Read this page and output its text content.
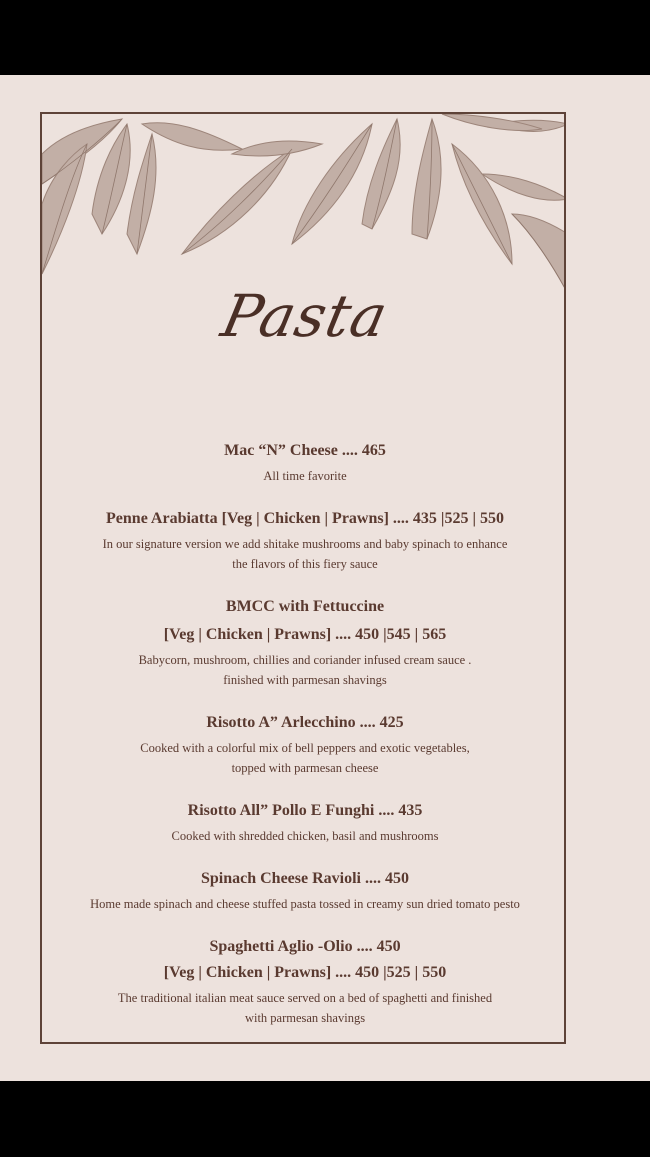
Pasta
Mac “N” Cheese .... 465
All time favorite
Penne Arabiatta [Veg | Chicken | Prawns] .... 435 |525 | 550
In our signature version we add shitake mushrooms and baby spinach to enhance
the flavors of this fiery sauce
BMCC with Fettuccine
[Veg | Chicken | Prawns] .... 450 |545 | 565
Babycorn, mushroom, chillies and coriander infused cream sauce .
finished with parmesan shavings
Risotto A” Arlecchino .... 425
Cooked with a colorful mix of bell peppers and exotic vegetables,
topped with parmesan cheese
Risotto All” Pollo E Funghi .... 435
Cooked with shredded chicken, basil and mushrooms
Spinach Cheese Ravioli .... 450
Home made spinach and cheese stuffed pasta tossed in creamy sun dried tomato pesto
Spaghetti Aglio -Olio .... 450
[Veg | Chicken | Prawns] .... 450 |525 | 550
The traditional italian meat sauce served on a bed of spaghetti and finished
with parmesan shavings
